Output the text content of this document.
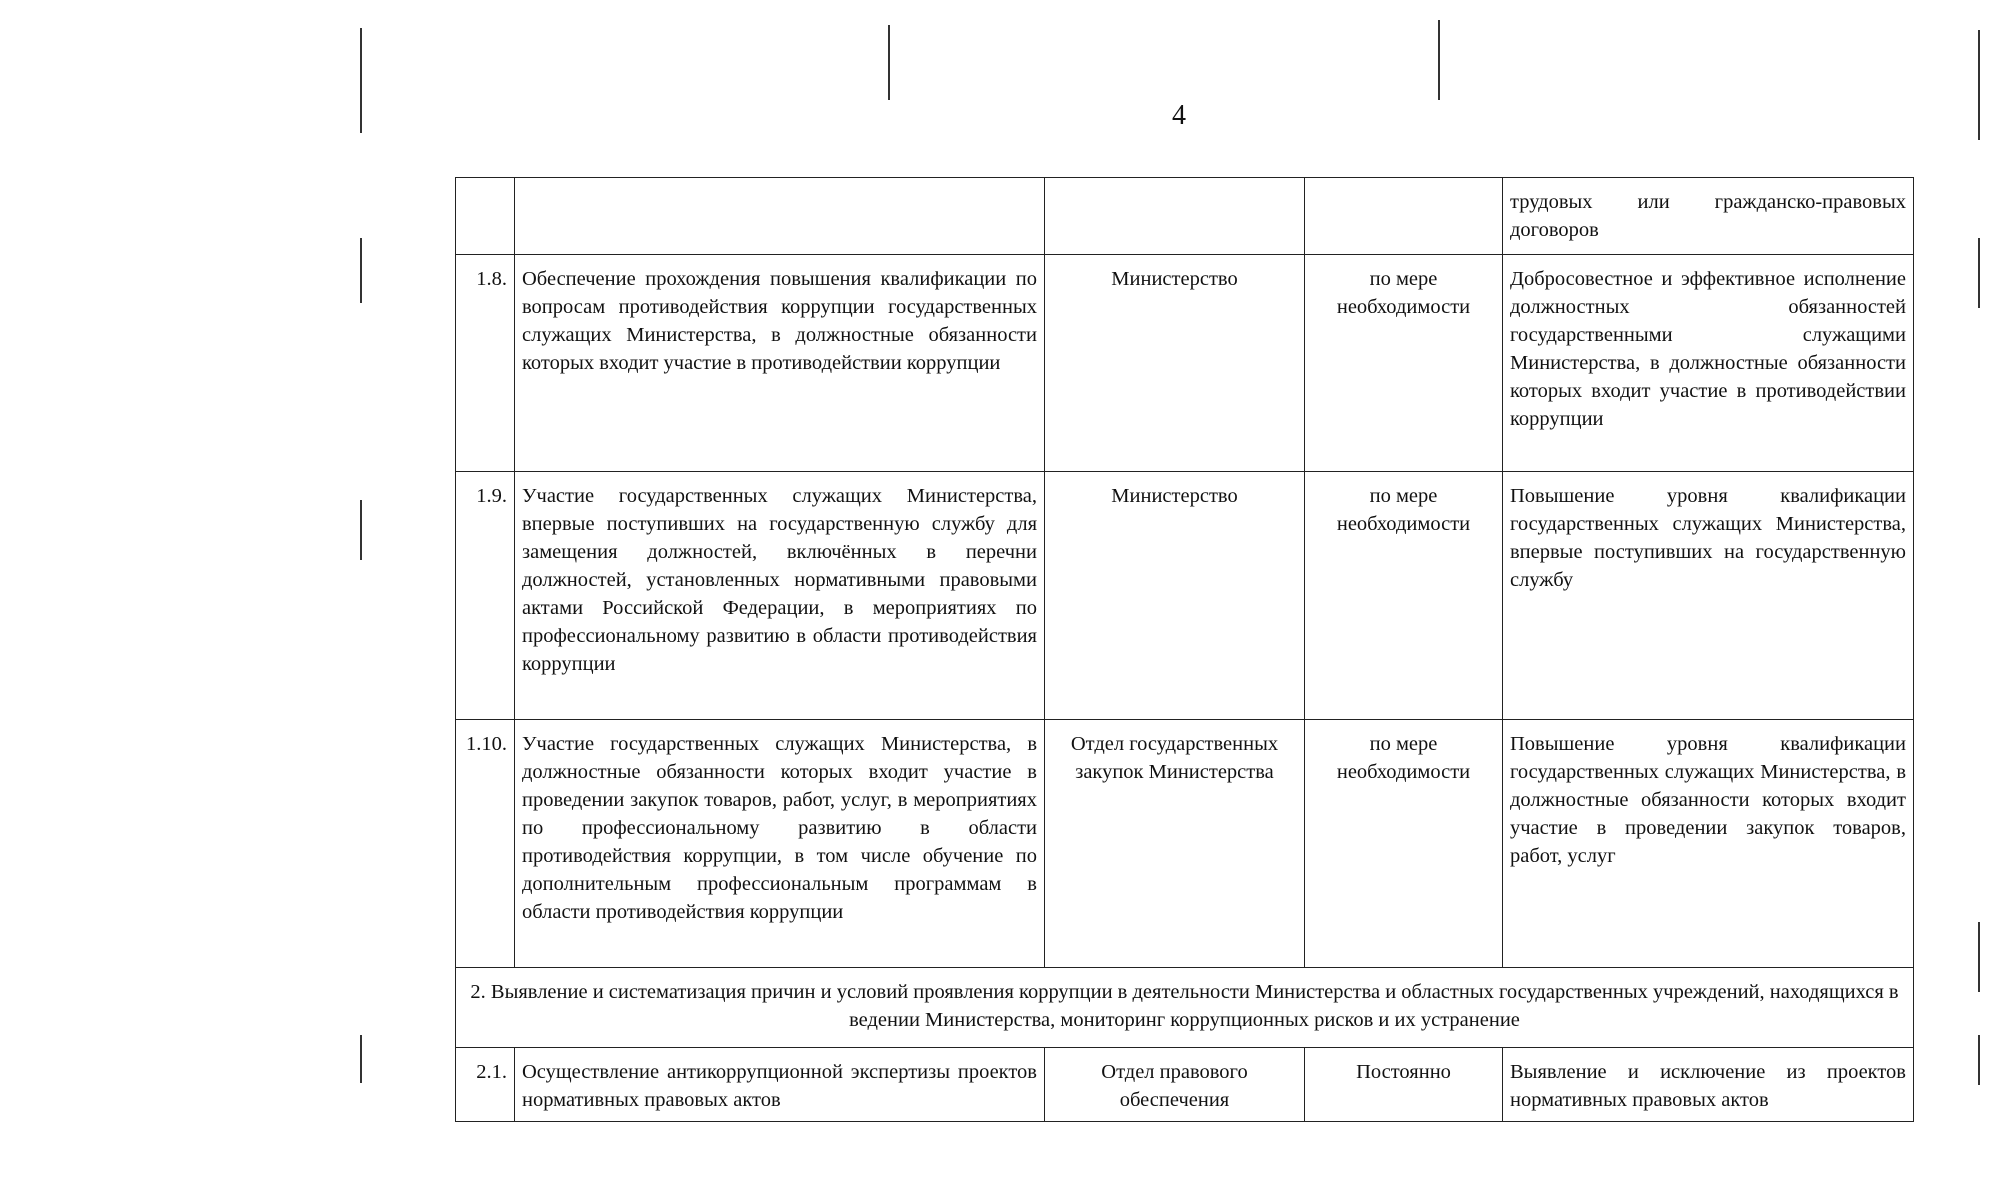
4
				трудовых или гражданско-правовых договоров
1.8.	Обеспечение прохождения повышения квалификации по вопросам противодействия коррупции государственных служащих Министерства, в должностные обязанности которых входит участие в противодействии коррупции	Министерство	по мере необходимости	Добросовестное и эффективное исполнение должностных обязанностей государственными служащими Министерства, в должностные обязанности которых входит участие в противодействии коррупции
1.9.	Участие государственных служащих Министерства, впервые поступивших на государственную службу для замещения должностей, включённых в перечни должностей, установленных нормативными правовыми актами Российской Федерации, в мероприятиях по профессиональному развитию в области противодействия коррупции	Министерство	по мере необходимости	Повышение уровня квалификации государственных служащих Министерства, впервые поступивших на государственную службу
1.10.	Участие государственных служащих Министерства, в должностные обязанности которых входит участие в проведении закупок товаров, работ, услуг, в мероприятиях по профессиональному развитию в области противодействия коррупции, в том числе обучение по дополнительным профессиональным программам в области противодействия коррупции	Отдел государственных закупок Министерства	по мере необходимости	Повышение уровня квалификации государственных служащих Министерства, в должностные обязанности которых входит участие в проведении закупок товаров, работ, услуг
2. Выявление и систематизация причин и условий проявления коррупции в деятельности Министерства и областных государственных учреждений, находящихся в ведении Министерства, мониторинг коррупционных рисков и их устранение				
2.1.	Осуществление антикоррупционной экспертизы проектов нормативных правовых актов	Отдел правового обеспечения	Постоянно	Выявление и исключение из проектов нормативных правовых актов
